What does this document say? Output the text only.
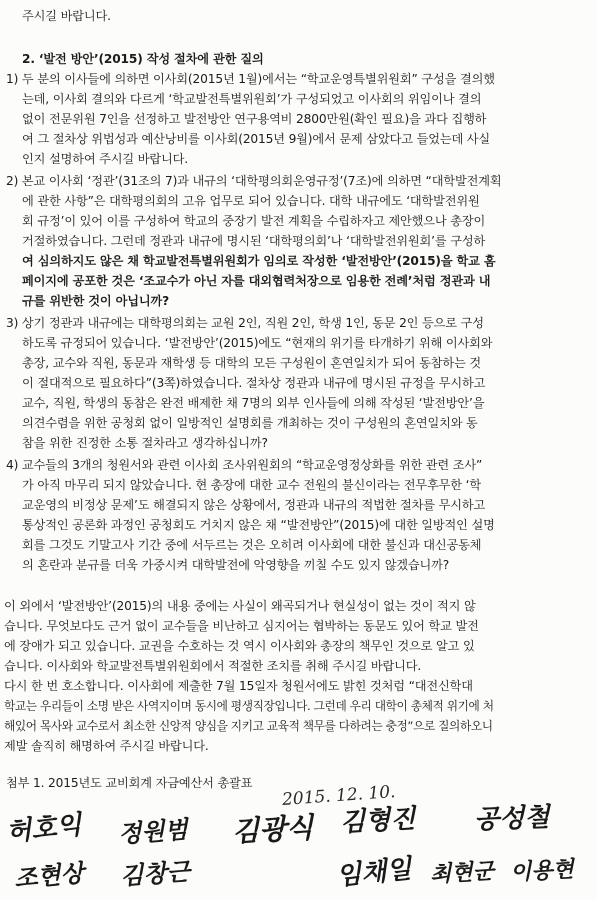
주시길 바랍니다.
2. ‘발전 방안’(2015) 작성 절차에 관한 질의
1) 두 분의 이사들에 의하면 이사회(2015년 1월)에서는 “학교운영특별위원회” 구성을 결의했
는데, 이사회 결의와 다르게 ‘학교발전특별위원회’가 구성되었고 이사회의 위임이나 결의
없이 전문위원 7인을 선정하고 발전방안 연구용역비 2800만원(확인 필요)을 과다 집행하
여 그 절차상 위법성과 예산낭비를 이사회(2015년 9월)에서 문제 삼았다고 들었는데 사실
인지 설명하여 주시길 바랍니다.
2) 본교 이사회 ‘정관’(31조의 7)과 내규의 ‘대학평의회운영규정’(7조)에 의하면 “대학발전계획
에 관한 사항”은 대학평의회의 고유 업무로 되어 있습니다. 대학 내규에도 ‘대학발전위원
회 규정’이 있어 이를 구성하여 학교의 중장기 발전 계획을 수립하자고 제안했으나 총장이
거절하였습니다. 그런데 정관과 내규에 명시된 ‘대학평의회’나 ‘대학발전위원회’를 구성하
여 심의하지도 않은 채 학교발전특별위원회가 임의로 작성한 ‘발전방안’(2015)을 학교 홈
페이지에 공포한 것은 ‘조교수가 아닌 자를 대외협력처장으로 임용한 전례’처럼 정관과 내
규를 위반한 것이 아닙니까?
3) 상기 정관과 내규에는 대학평의회는 교원 2인, 직원 2인, 학생 1인, 동문 2인 등으로 구성
하도록 규정되어 있습니다. ‘발전방안’(2015)에도 “현재의 위기를 타개하기 위해 이사회와
총장, 교수와 직원, 동문과 재학생 등 대학의 모든 구성원이 혼연일치가 되어 동참하는 것
이 절대적으로 필요하다”(3쪽)하였습니다. 절차상 정관과 내규에 명시된 규정을 무시하고
교수, 직원, 학생의 동참은 완전 배제한 채 7명의 외부 인사들에 의해 작성된 ‘발전방안’을
의견수렴을 위한 공청회 없이 일방적인 설명회를 개최하는 것이 구성원의 혼연일치와 동
참을 위한 진정한 소통 절차라고 생각하십니까?
4) 교수들의 3개의 청원서와 관련 이사회 조사위원회의 “학교운영정상화를 위한 관련 조사”
가 아직 마무리 되지 않았습니다. 현 총장에 대한 교수 전원의 불신이라는 전무후무한 ‘학
교운영의 비정상 문제’도 해결되지 않은 상황에서, 정관과 내규의 적법한 절차를 무시하고
통상적인 공론화 과정인 공청회도 거치지 않은 채 “발전방안”(2015)에 대한 일방적인 설명
회를 그것도 기말고사 기간 중에 서두르는 것은 오히려 이사회에 대한 불신과 대신공동체
의 혼란과 분규를 더욱 가중시켜 대학발전에 악영향을 끼칠 수도 있지 않겠습니까?
이 외에서 ‘발전방안’(2015)의 내용 중에는 사실이 왜곡되거나 현실성이 없는 것이 적지 않
습니다. 무엇보다도 근거 없이 교수들을 비난하고 심지어는 협박하는 동문도 있어 학교 발전
에 장애가 되고 있습니다. 교권을 수호하는 것 역시 이사회와 총장의 책무인 것으로 알고 있
습니다. 이사회와 학교발전특별위원회에서 적절한 조치를 취해 주시길 바랍니다.
다시 한 번 호소합니다. 이사회에 제출한 7월 15일자 청원서에도 밝힌 것처럼 “대전신학대
학교는 우리들이 소명 받은 사역지이며 동시에 평생직장입니다. 그런데 우리 대학이 총체적 위기에 처
해있어 목사와 교수로서 최소한 신앙적 양심을 지키고 교육적 책무를 다하려는 충정”으로 질의하오니
제발 솔직히 해명하여 주시길 바랍니다.
첨부 1. 2015년도 교비회계 자금예산서 총괄표 2015. 12. 10.
허호익 정원범 김광식 김형진 공성철
조현상 김창근	임채일 최현군 이용현
